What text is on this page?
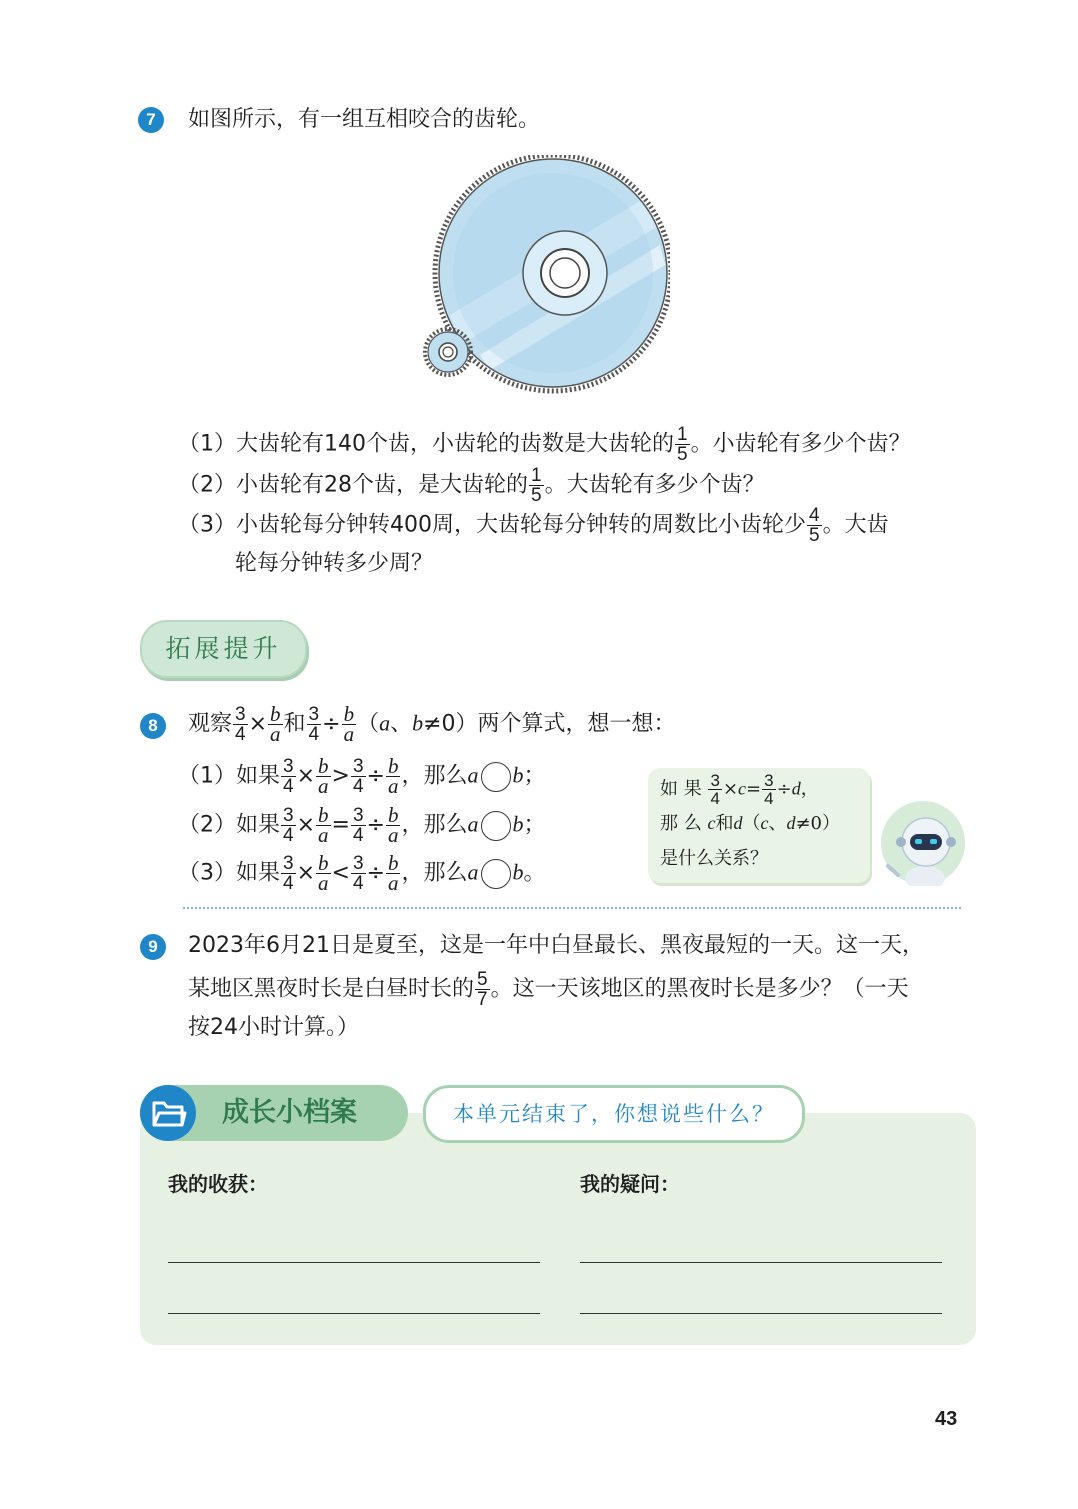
7	如图所示，有一组互相咬合的齿轮。
（1）大齿轮有140个齿，小齿轮的齿数是大齿轮的 $\frac{1}{5}$ 。小齿轮有多少个齿？
（2）小齿轮有28个齿，是大齿轮的 $\frac{1}{5}$ 。大齿轮有多少个齿？
（3）小齿轮每分钟转400周，大齿轮每分钟转的周数比小齿轮少 $\frac{4}{5}$ 。大齿
轮每分钟转多少周？
拓展提升
8	观察 $\frac{3}{4} \times \frac{b}{a}$ 和 $\frac{3}{4} \div \frac{b}{a} (a$、b≠0）两个算式，想一想：
（1）如果 $\frac{3}{4} \times \frac{b}{a} > \frac{3}{4} \div \frac{b}{a}$ ，那么a b；
（2）如果 $\frac{3}{4} \times \frac{b}{a} = \frac{3}{4} \div \frac{b}{a}$ ，那么a b；
（3）如果 $\frac{3}{4} \times \frac{b}{a} < \frac{3}{4} \div \frac{b}{a}$ ，那么a b。
如 果 $\frac{3}{4} \times c= \frac{3}{4} \div d$，
那 么 c和d（c、d≠0）
是什么关系？
9	2023年6月21日是夏至，这是一年中白昼最长、黑夜最短的一天。这一天，
某地区黑夜时长是白昼时长的 $\frac{5}{7}$ 。这一天该地区的黑夜时长是多少？（一天
按24小时计算。）
成长小档案	本单元结束了，你想说些什么？
我的收获：	我的疑问：
43
